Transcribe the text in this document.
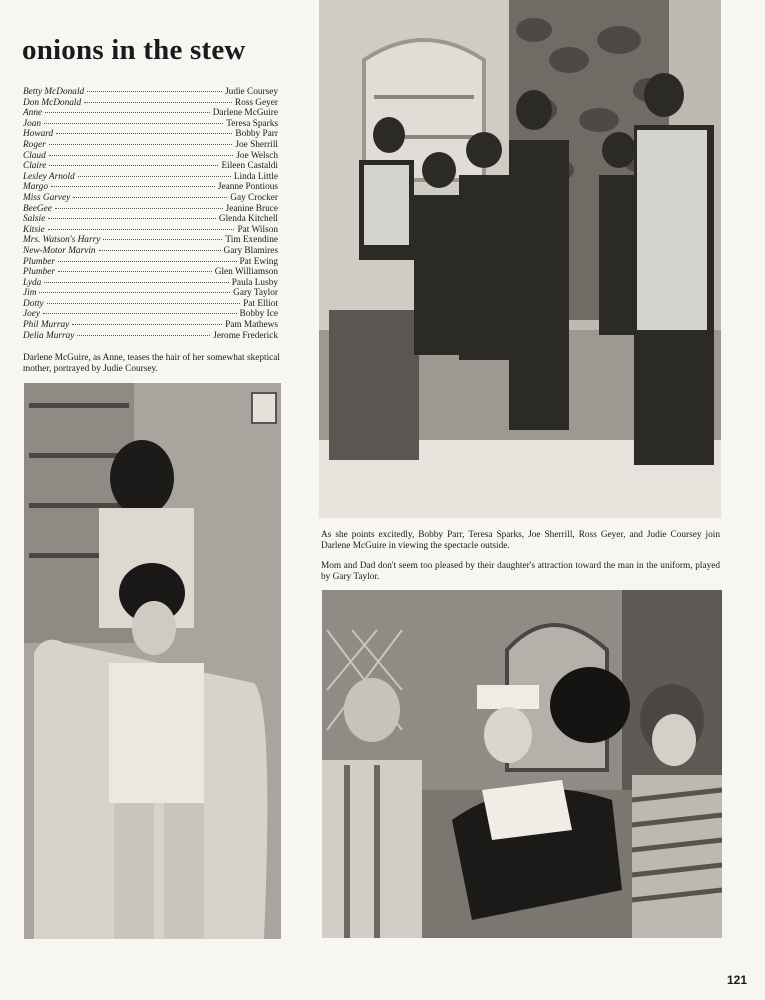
onions in the stew
Betty McDonald	Judie Coursey
Don McDonald	Ross Geyer
Anne	Darlene McGuire
Joan	Teresa Sparks
Howard	Bobby Parr
Roger	Joe Sherrill
Claud	Joe Welsch
Claire	Eileen Castaldi
Lesley Arnold	Linda Little
Margo	Jeanne Pontious
Miss Garvey	Gay Crocker
BeeGee	Jeanine Bruce
Salsie	Glenda Kitchell
Kitsie	Pat Wilson
Mrs. Watson's Harry	Tim Exendine
New-Motor Marvin	Gary Blamires
Plumber	Pat Ewing
Plumber	Glen Williamson
Lyda	Paula Lusby
Jim	Gary Taylor
Dotty	Pat Elliot
Joey	Bobby Ice
Phil Murray	Pam Mathews
Delia Murray	Jerome Frederick

Darlene McGuire, as Anne, teases the hair of her somewhat skeptical mother, portrayed by Judie Coursey.

As she points excitedly, Bobby Parr, Teresa Sparks, Joe Sherrill, Ross Geyer, and Judie Coursey join Darlene McGuire in viewing the spectacle outside.

Mom and Dad don't seem too pleased by their daughter's attraction toward the man in the uniform, played by Gary Taylor.

121
